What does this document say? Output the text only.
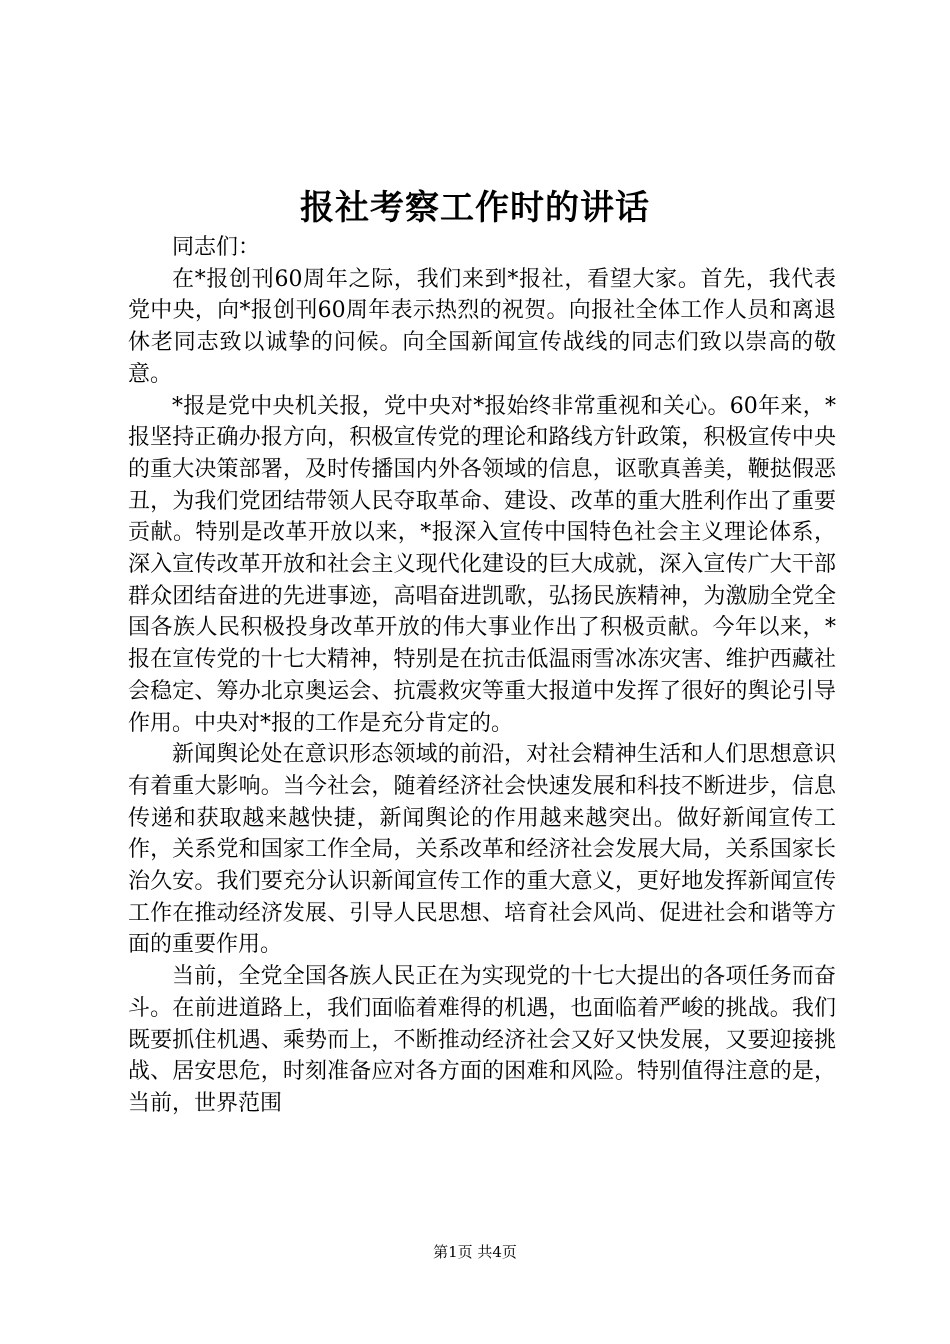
报社考察工作时的讲话

同志们：

在*报创刊60周年之际，我们来到*报社，看望大家。首先，我代表党中央，向*报创刊60周年表示热烈的祝贺。向报社全体工作人员和离退休老同志致以诚挚的问候。向全国新闻宣传战线的同志们致以崇高的敬意。

*报是党中央机关报，党中央对*报始终非常重视和关心。60年来，*报坚持正确办报方向，积极宣传党的理论和路线方针政策，积极宣传中央的重大决策部署，及时传播国内外各领域的信息，讴歌真善美，鞭挞假恶丑，为我们党团结带领人民夺取革命、建设、改革的重大胜利作出了重要贡献。特别是改革开放以来，*报深入宣传中国特色社会主义理论体系，深入宣传改革开放和社会主义现代化建设的巨大成就，深入宣传广大干部群众团结奋进的先进事迹，高唱奋进凯歌，弘扬民族精神，为激励全党全国各族人民积极投身改革开放的伟大事业作出了积极贡献。今年以来，*报在宣传党的十七大精神，特别是在抗击低温雨雪冰冻灾害、维护西藏社会稳定、筹办北京奥运会、抗震救灾等重大报道中发挥了很好的舆论引导作用。中央对*报的工作是充分肯定的。

新闻舆论处在意识形态领域的前沿，对社会精神生活和人们思想意识有着重大影响。当今社会，随着经济社会快速发展和科技不断进步，信息传递和获取越来越快捷，新闻舆论的作用越来越突出。做好新闻宣传工作，关系党和国家工作全局，关系改革和经济社会发展大局，关系国家长治久安。我们要充分认识新闻宣传工作的重大意义，更好地发挥新闻宣传工作在推动经济发展、引导人民思想、培育社会风尚、促进社会和谐等方面的重要作用。

当前，全党全国各族人民正在为实现党的十七大提出的各项任务而奋斗。在前进道路上，我们面临着难得的机遇，也面临着严峻的挑战。我们既要抓住机遇、乘势而上，不断推动经济社会又好又快发展，又要迎接挑战、居安思危，时刻准备应对各方面的困难和风险。特别值得注意的是，当前，世界范围

第1页 共4页
